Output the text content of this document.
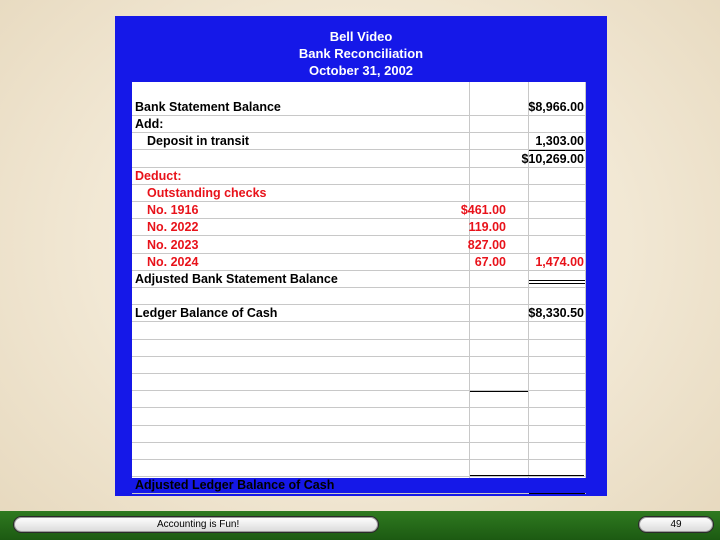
Bell Video
Bank Reconciliation
October 31, 2002
Bank Statement Balance	$8,966.00
Add:
Deposit in transit	1,303.00
$10,269.00
Deduct:
Outstanding checks
No. 1916	$461.00
No. 2022	119.00
No. 2023	827.00
No. 2024	67.00	1,474.00
Adjusted Bank Statement Balance
Ledger Balance of Cash	$8,330.50
Adjusted Ledger Balance of Cash
Accounting is Fun!	49
